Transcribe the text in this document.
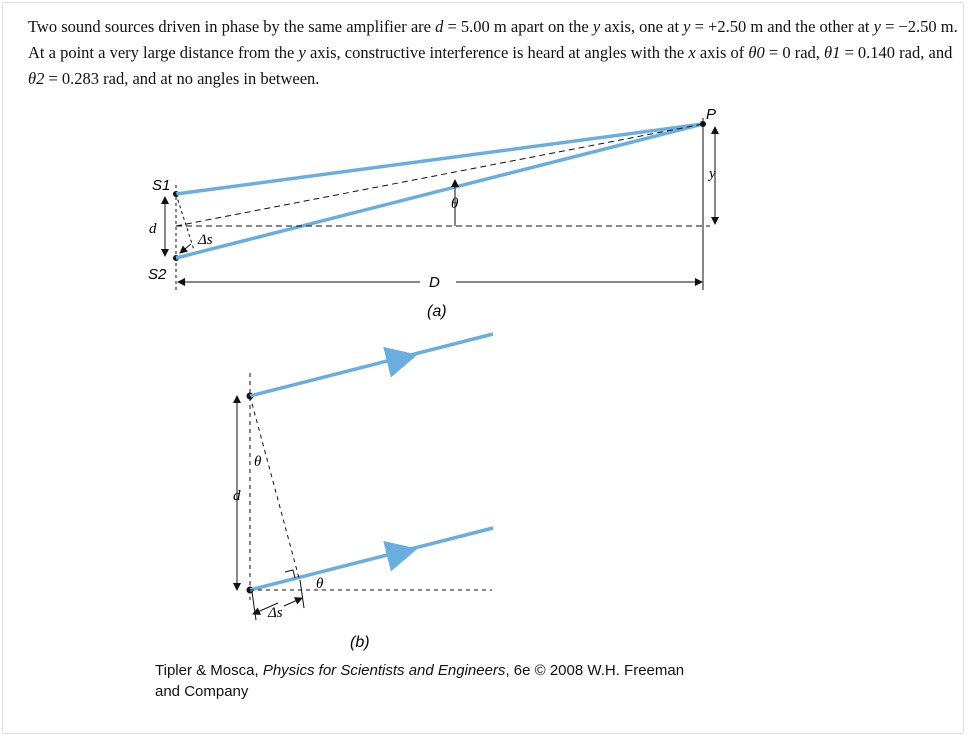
Two sound sources driven in phase by the same amplifier are d = 5.00 m apart on the y axis, one at y = +2.50 m and the other at y = −2.50 m. At a point a very large distance from the y axis, constructive interference is heard at angles with the x axis of θ0 = 0 rad, θ1 = 0.140 rad, and θ2 = 0.283 rad, and at no angles in between.

S1
S2
d
Δs
θ
D
P
y
(a)
θ
θ
d
Δs
(b)

Tipler & Mosca, Physics for Scientists and Engineers, 6e © 2008 W.H. Freeman
and Company
